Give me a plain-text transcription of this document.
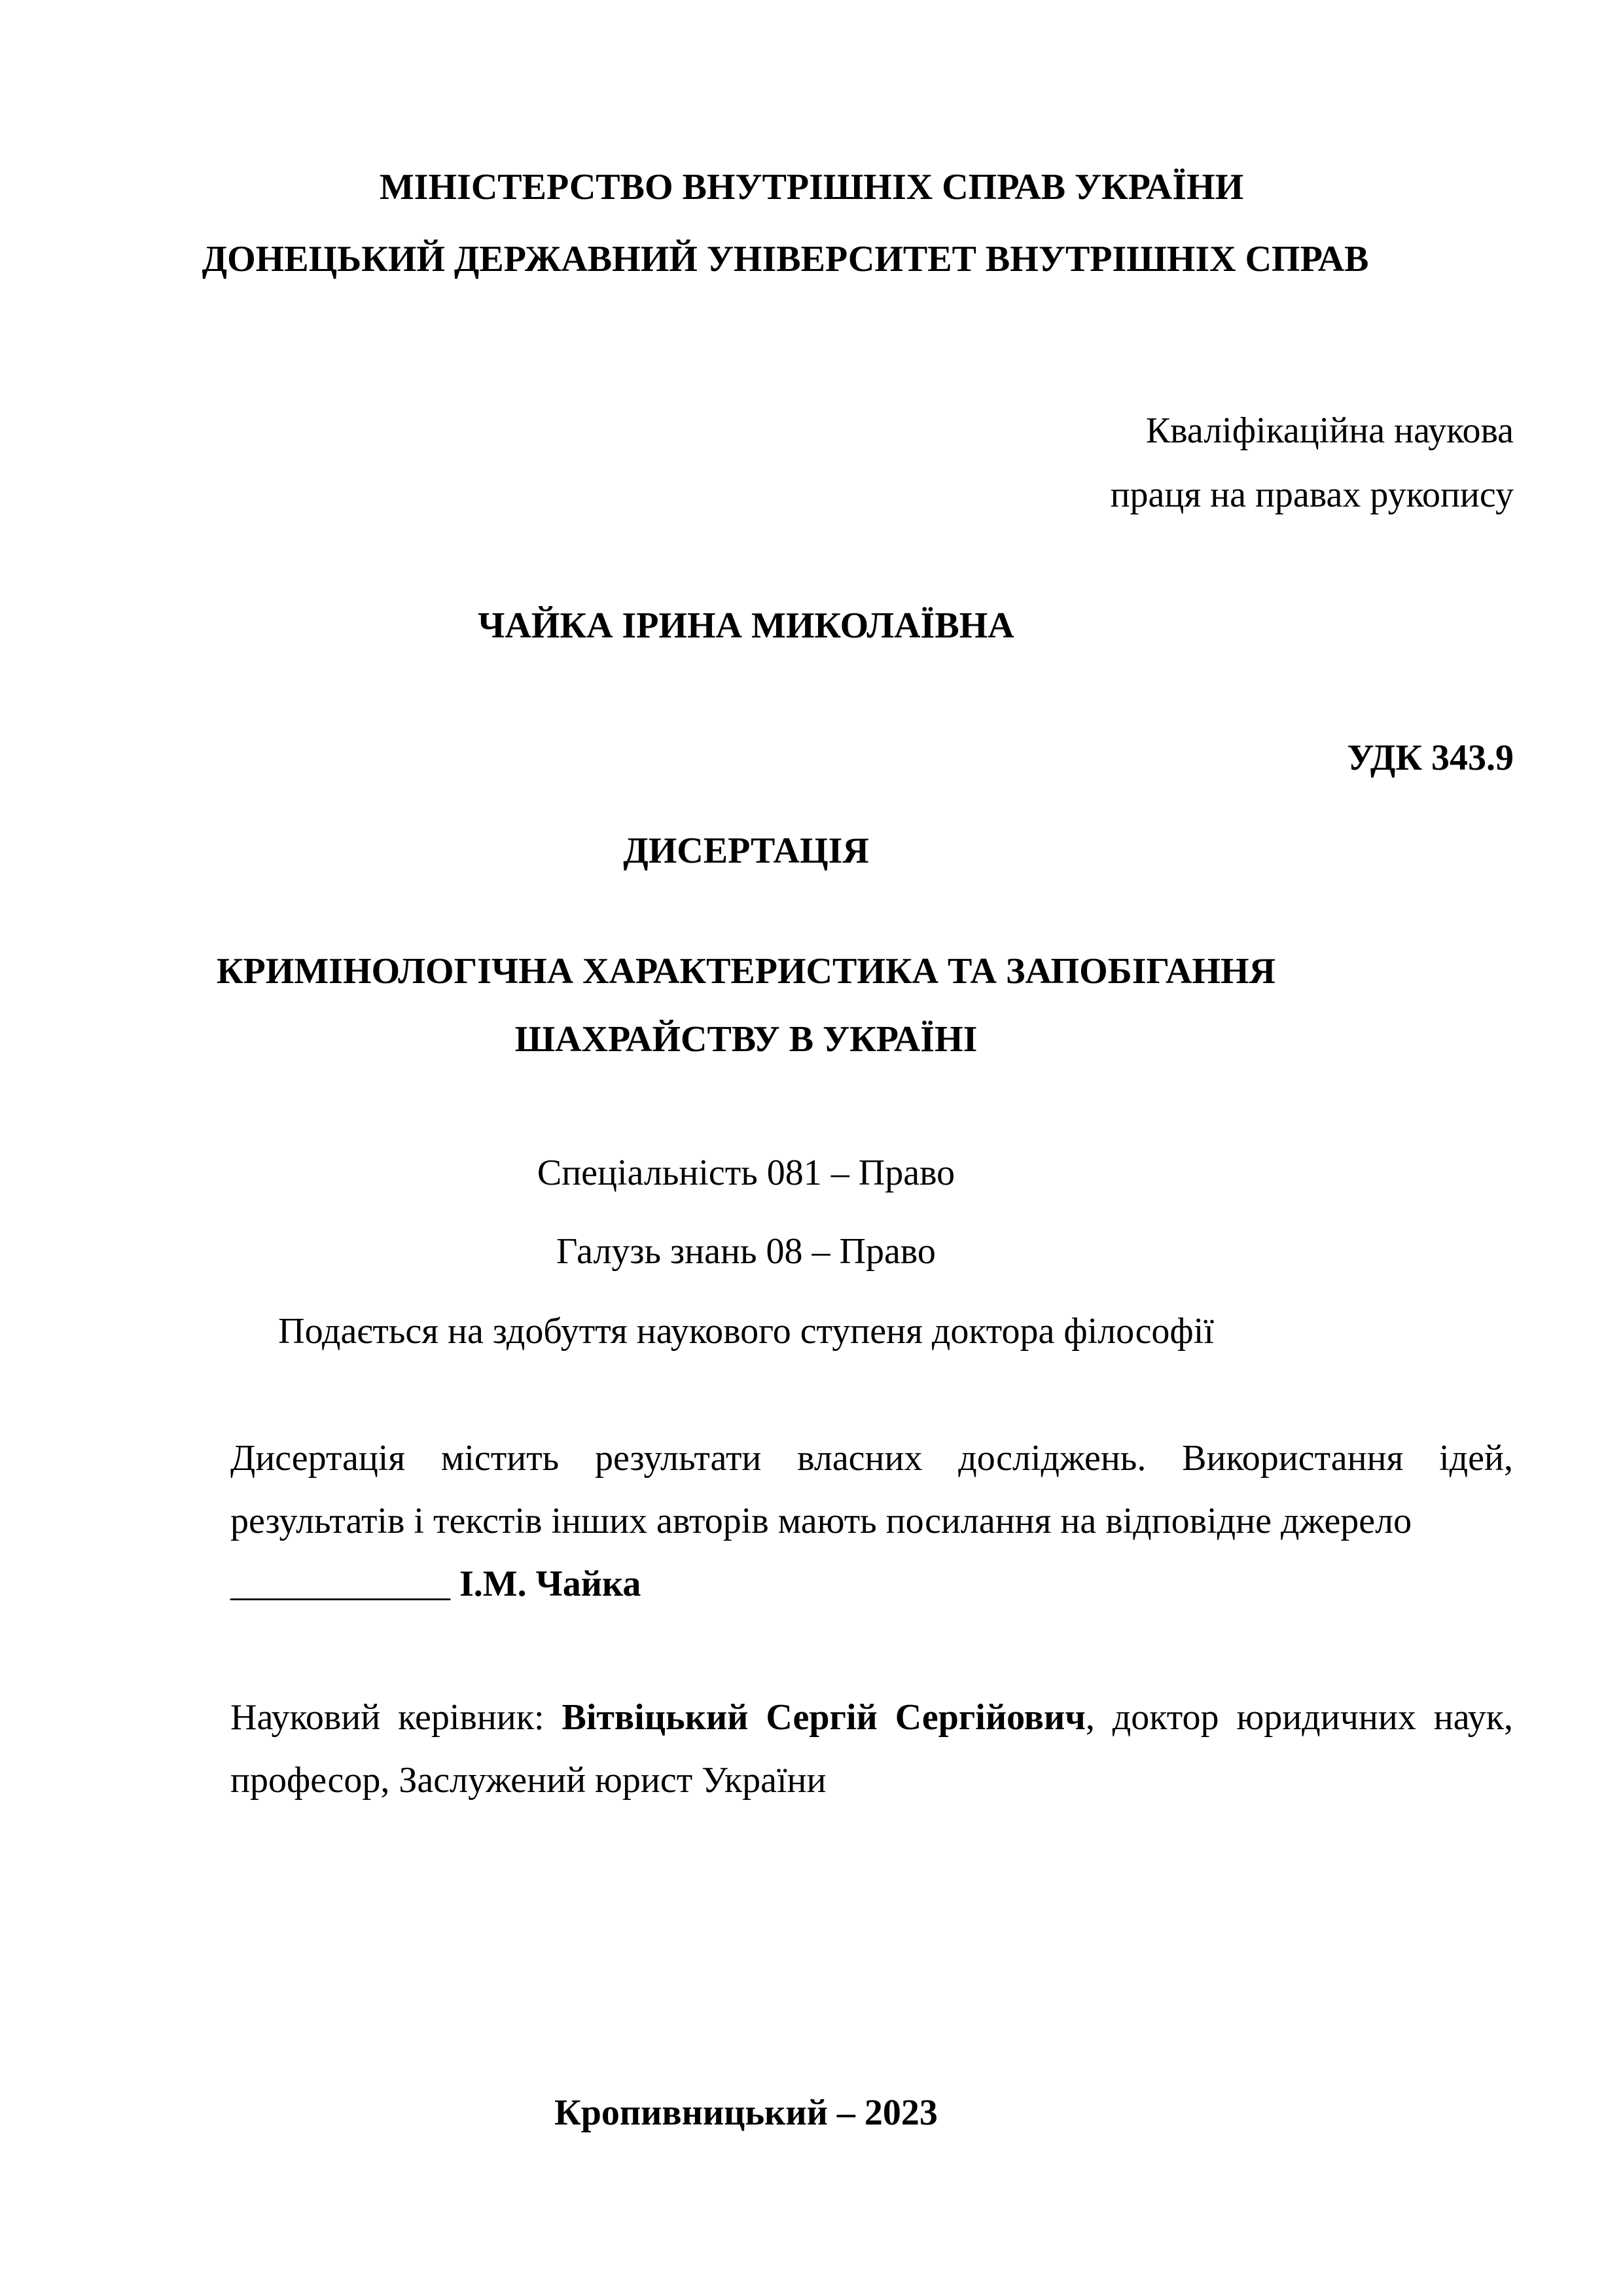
МІНІСТЕРСТВО ВНУТРІШНІХ СПРАВ УКРАЇНИ
ДОНЕЦЬКИЙ ДЕРЖАВНИЙ УНІВЕРСИТЕТ ВНУТРІШНІХ СПРАВ
Кваліфікаційна наукова
праця на правах рукопису
ЧАЙКА ІРИНА МИКОЛАЇВНА
УДК 343.9
ДИСЕРТАЦІЯ
КРИМІНОЛОГІЧНА ХАРАКТЕРИСТИКА ТА ЗАПОБІГАННЯ
ШАХРАЙСТВУ В УКРАЇНІ
Спеціальність 081 – Право
Галузь знань 08 – Право
Подається на здобуття наукового ступеня доктора філософії
Дисертація містить результати власних досліджень. Використання ідей,
результатів і текстів інших авторів мають посилання на відповідне джерело
____________ І.М. Чайка
Науковий керівник: Вітвіцький Сергій Сергійович, доктор юридичних наук,
професор, Заслужений юрист України
Кропивницький – 2023
